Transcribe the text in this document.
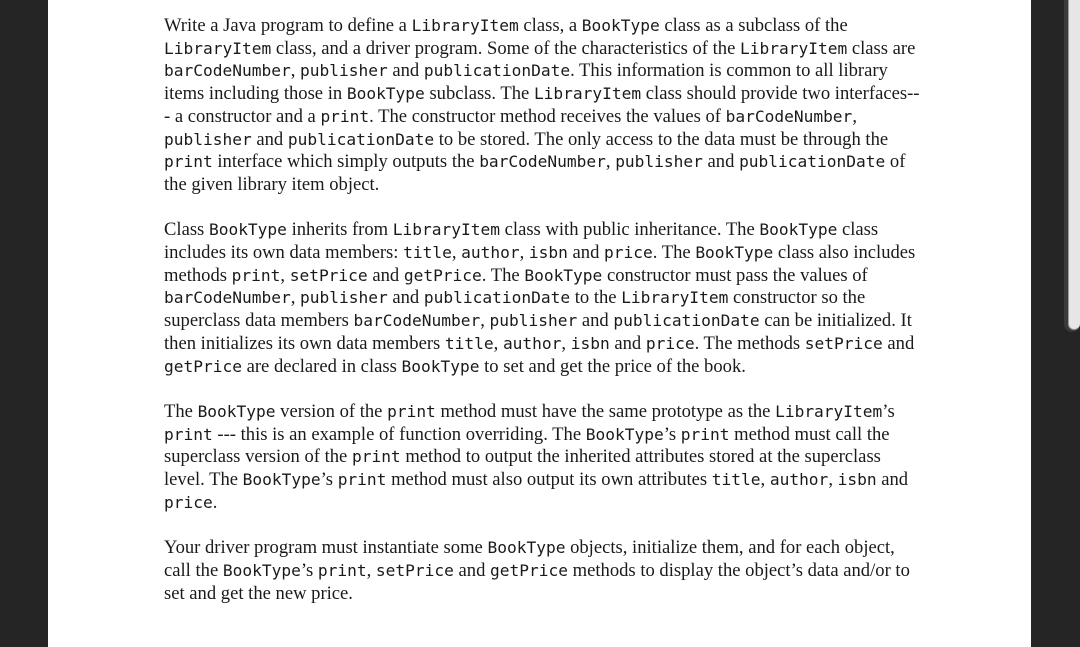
Write a Java program to define a LibraryItem class, a BookType class as a subclass of the LibraryItem class, and a driver program. Some of the characteristics of the LibraryItem class are barCodeNumber, publisher and publicationDate. This information is common to all library items including those in BookType subclass. The LibraryItem class should provide two interfaces--- a constructor and a print. The constructor method receives the values of barCodeNumber, publisher and publicationDate to be stored. The only access to the data must be through the print interface which simply outputs the barCodeNumber, publisher and publicationDate of the given library item object.

Class BookType inherits from LibraryItem class with public inheritance. The BookType class includes its own data members: title, author, isbn and price. The BookType class also includes methods print, setPrice and getPrice. The BookType constructor must pass the values of barCodeNumber, publisher and publicationDate to the LibraryItem constructor so the superclass data members barCodeNumber, publisher and publicationDate can be initialized. It then initializes its own data members title, author, isbn and price. The methods setPrice and getPrice are declared in class BookType to set and get the price of the book.

The BookType version of the print method must have the same prototype as the LibraryItem’s print --- this is an example of function overriding. The BookType’s print method must call the superclass version of the print method to output the inherited attributes stored at the superclass level. The BookType’s print method must also output its own attributes title, author, isbn and price.

Your driver program must instantiate some BookType objects, initialize them, and for each object, call the BookType’s print, setPrice and getPrice methods to display the object’s data and/or to set and get the new price.
